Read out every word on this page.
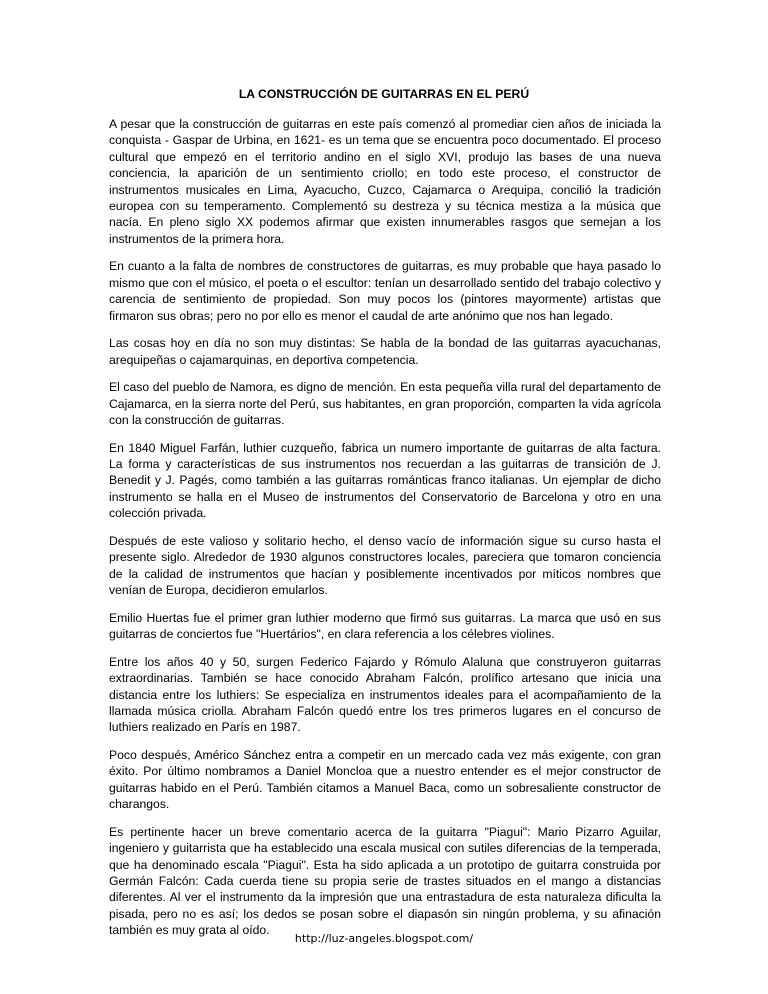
LA CONSTRUCCIÓN DE GUITARRAS EN EL PERÚ

A pesar que la construcción de guitarras en este país comenzó al promediar cien años de iniciada la conquista - Gaspar de Urbina, en 1621- es un tema que se encuentra poco documentado. El proceso cultural que empezó en el territorio andino en el siglo XVI, produjo las bases de una nueva conciencia, la aparición de un sentimiento criollo; en todo este proceso, el constructor de instrumentos musicales en Lima, Ayacucho, Cuzco, Cajamarca o Arequipa, concilió la tradición europea con su temperamento. Complementó su destreza y su técnica mestiza a la música que nacía. En pleno siglo XX podemos afirmar que existen innumerables rasgos que semejan a los instrumentos de la primera hora.

En cuanto a la falta de nombres de constructores de guitarras, es muy probable que haya pasado lo mismo que con el músico, el poeta o el escultor: tenían un desarrollado sentido del trabajo colectivo y carencia de sentimiento de propiedad. Son muy pocos los (pintores mayormente) artistas que firmaron sus obras; pero no por ello es menor el caudal de arte anónimo que nos han legado.

Las cosas hoy en día no son muy distintas: Se habla de la bondad de las guitarras ayacuchanas, arequipeñas o cajamarquinas, en deportiva competencia.

El caso del pueblo de Namora, es digno de mención. En esta pequeña villa rural del departamento de Cajamarca, en la sierra norte del Perú, sus habitantes, en gran proporción, comparten la vida agrícola con la construcción de guitarras.

En 1840 Miguel Farfán, luthier cuzqueño, fabrica un numero importante de guitarras de alta factura. La forma y características de sus instrumentos nos recuerdan a las guitarras de transición de J. Benedit y J. Pagés, como también a las guitarras románticas franco italianas. Un ejemplar de dicho instrumento se halla en el Museo de instrumentos del Conservatorio de Barcelona y otro en una colección privada.

Después de este valioso y solitario hecho, el denso vacío de información sigue su curso hasta el presente siglo. Alrededor de 1930 algunos constructores locales, pareciera que tomaron conciencia de la calidad de instrumentos que hacían y posiblemente incentivados por míticos nombres que venían de Europa, decidieron emularlos.

Emilio Huertas fue el primer gran luthier moderno que firmó sus guitarras. La marca que usó en sus guitarras de conciertos fue "Huertários", en clara referencia a los célebres violines.

Entre los años 40 y 50, surgen Federico Fajardo y Rómulo Alaluna que construyeron guitarras extraordinarias. También se hace conocido Abraham Falcón, prolífico artesano que inicia una distancia entre los luthiers: Se especializa en instrumentos ideales para el acompañamiento de la llamada música criolla. Abraham Falcón quedó entre los tres primeros lugares en el concurso de luthiers realizado en París en 1987.

Poco después, Américo Sánchez entra a competir en un mercado cada vez más exigente, con gran éxito. Por último nombramos a Daniel Moncloa que a nuestro entender es el mejor constructor de guitarras habido en el Perú. También citamos a Manuel Baca, como un sobresaliente constructor de charangos.

Es pertinente hacer un breve comentario acerca de la guitarra "Piagui": Mario Pizarro Aguilar, ingeniero y guitarrista que ha establecido una escala musical con sutiles diferencias de la temperada, que ha denominado escala "Piagui". Esta ha sido aplicada a un prototipo de guitarra construida por Germán Falcón: Cada cuerda tiene su propia serie de trastes situados en el mango a distancias diferentes. Al ver el instrumento da la impresión que una entrastadura de esta naturaleza dificulta la pisada, pero no es así; los dedos se posan sobre el diapasón sin ningún problema, y su afinación también es muy grata al oído.

http://luz-angeles.blogspot.com/
